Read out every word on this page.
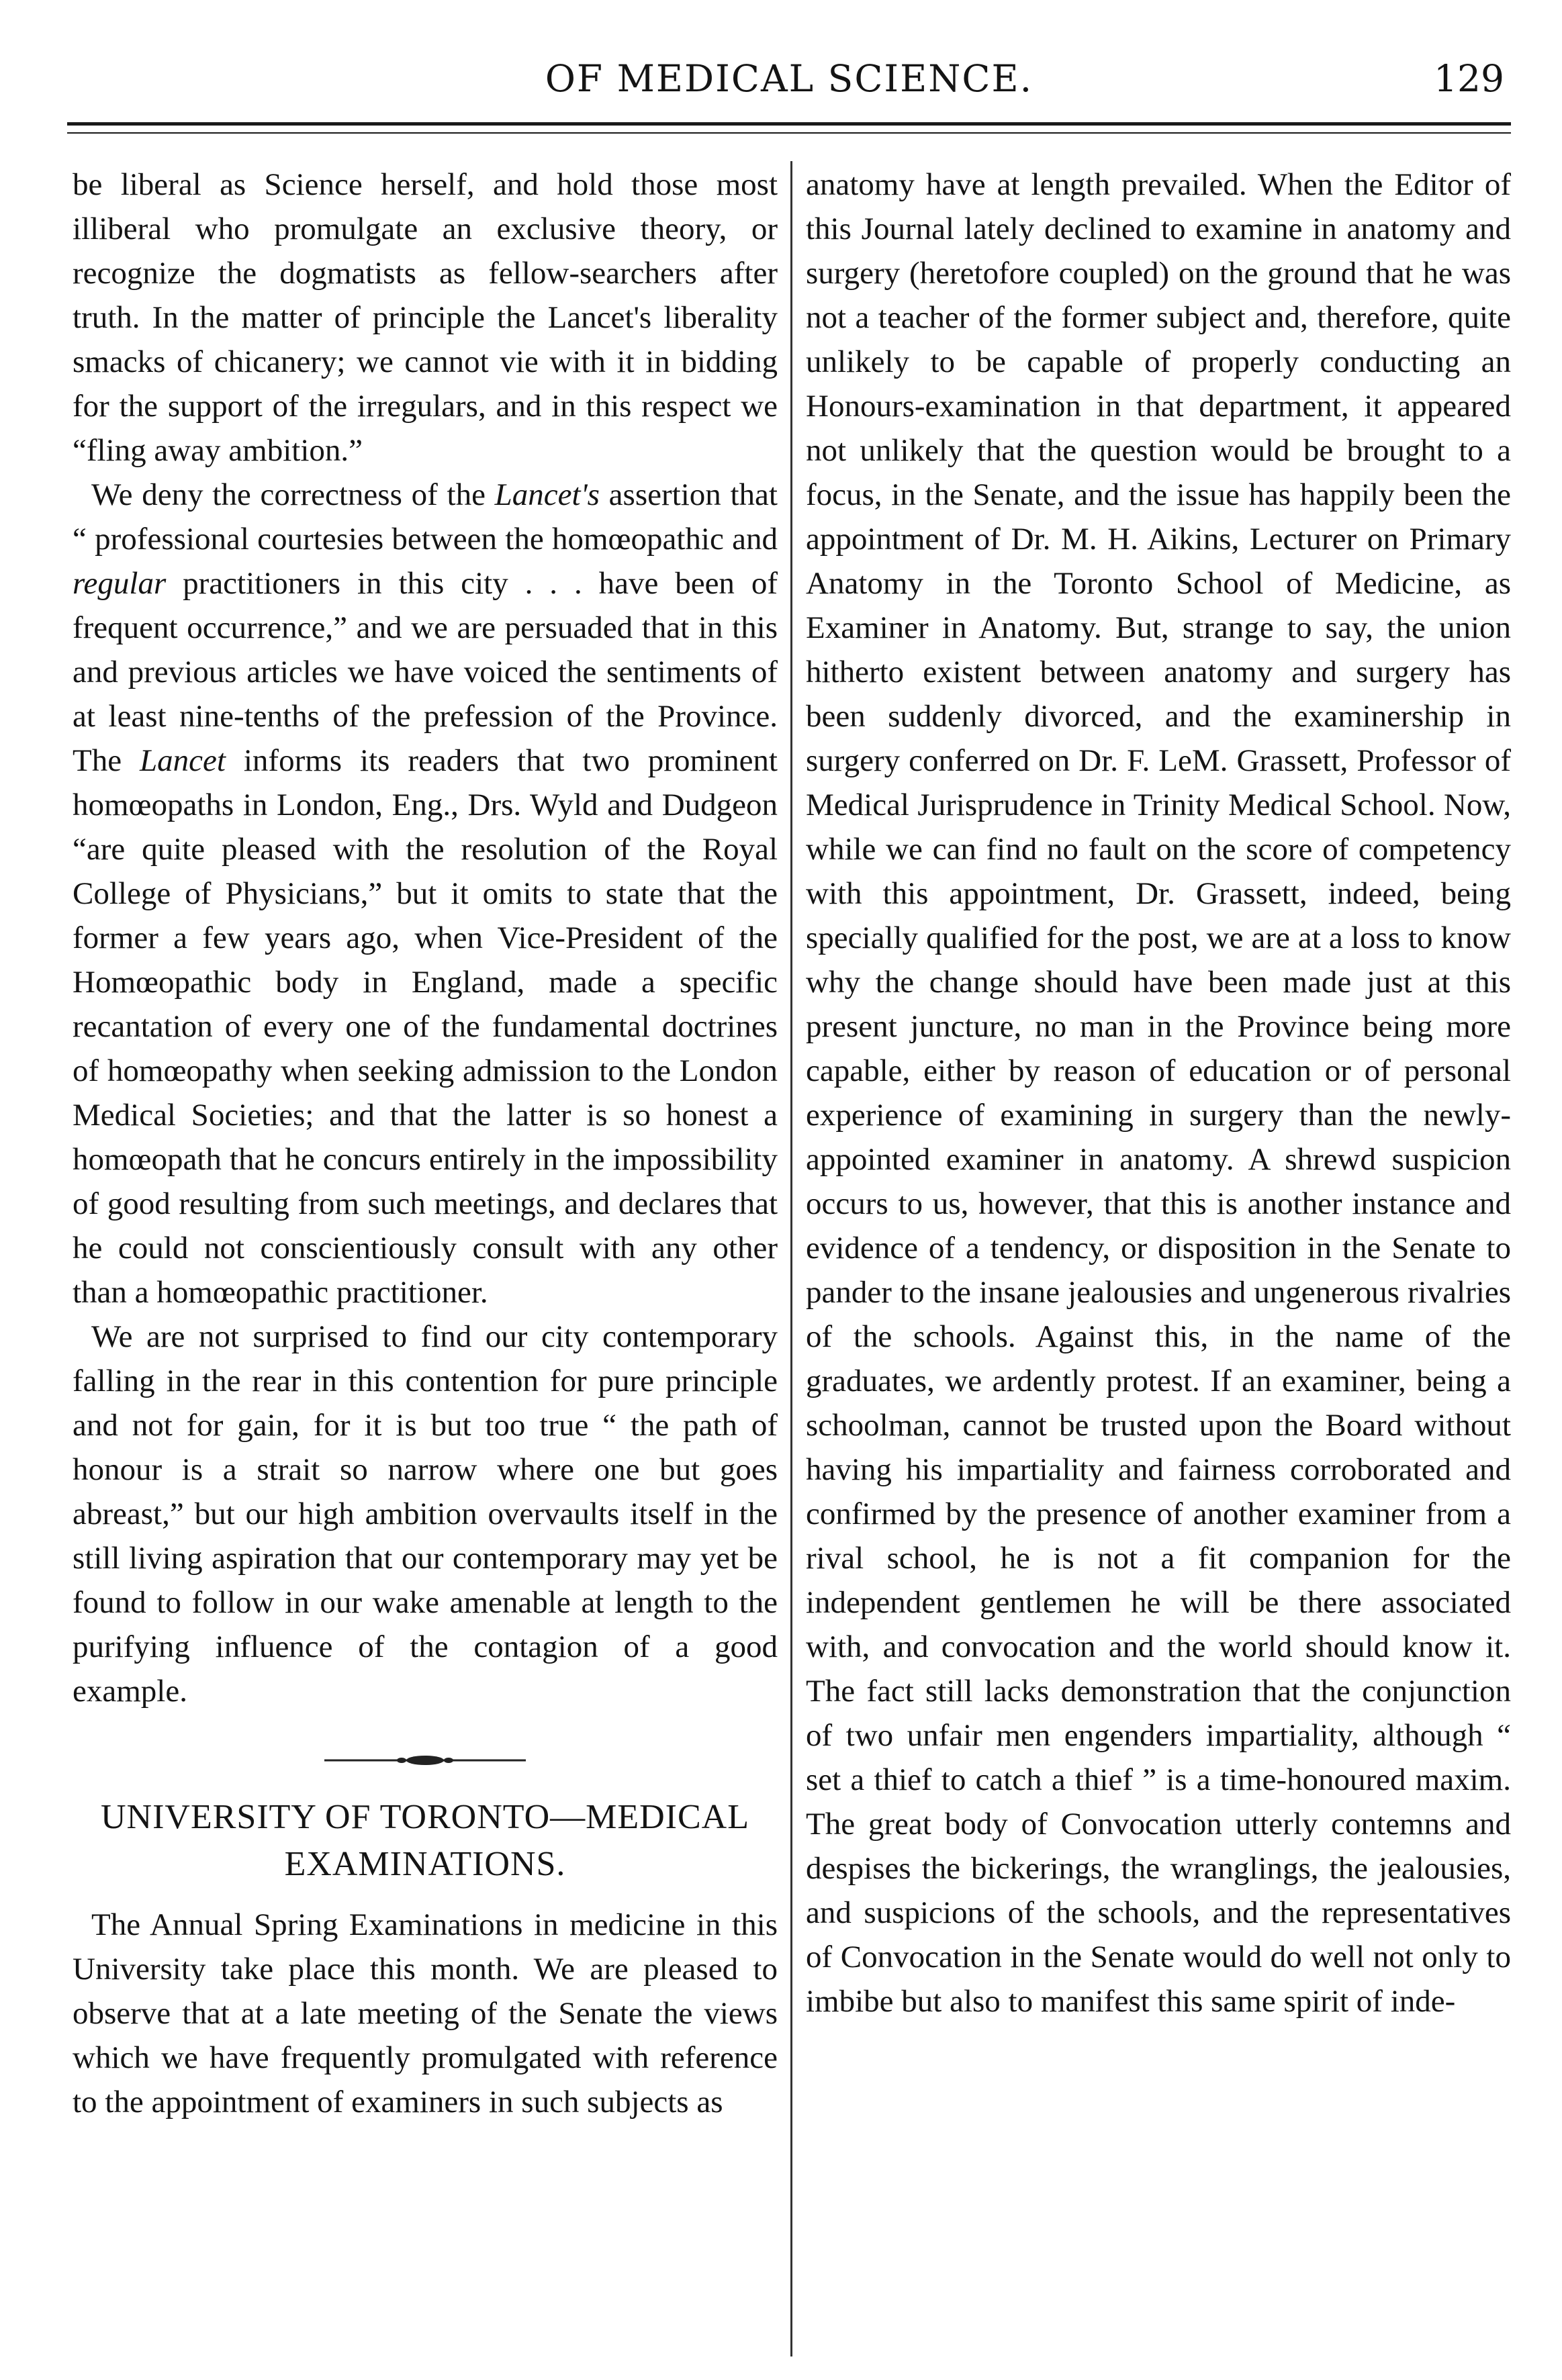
OF MEDICAL SCIENCE.	129

be liberal as Science herself, and hold those most illiberal who promulgate an exclusive theory, or recognize the dogmatists as fellow-searchers after truth. In the matter of principle the Lancet's liberality smacks of chicanery; we cannot vie with it in bidding for the support of the irregulars, and in this respect we “fling away ambition.”

We deny the correctness of the Lancet's assertion that “ professional courtesies between the homœopathic and regular practitioners in this city . . . have been of frequent occurrence,” and we are persuaded that in this and previous articles we have voiced the sentiments of at least nine-tenths of the prefession of the Province. The Lancet informs its readers that two prominent homœopaths in London, Eng., Drs. Wyld and Dudgeon “are quite pleased with the resolution of the Royal College of Physicians,” but it omits to state that the former a few years ago, when Vice-President of the Homœopathic body in England, made a specific recantation of every one of the fundamental doctrines of homœopathy when seeking admission to the London Medical Societies; and that the latter is so honest a homœopath that he concurs entirely in the impossibility of good resulting from such meetings, and declares that he could not conscientiously consult with any other than a homœopathic practitioner.

We are not surprised to find our city contemporary falling in the rear in this contention for pure principle and not for gain, for it is but too true “ the path of honour is a strait so narrow where one but goes abreast,” but our high ambition overvaults itself in the still living aspiration that our contemporary may yet be found to follow in our wake amenable at length to the purifying influence of the contagion of a good example.

UNIVERSITY OF TORONTO—MEDICAL
EXAMINATIONS.

The Annual Spring Examinations in medicine in this University take place this month. We are pleased to observe that at a late meeting of the Senate the views which we have frequently promulgated with reference to the appointment of examiners in such subjects as

anatomy have at length prevailed. When the Editor of this Journal lately declined to examine in anatomy and surgery (heretofore coupled) on the ground that he was not a teacher of the former subject and, therefore, quite unlikely to be capable of properly conducting an Honours-examination in that department, it appeared not unlikely that the question would be brought to a focus, in the Senate, and the issue has happily been the appointment of Dr. M. H. Aikins, Lecturer on Primary Anatomy in the Toronto School of Medicine, as Examiner in Anatomy. But, strange to say, the union hitherto existent between anatomy and surgery has been suddenly divorced, and the examinership in surgery conferred on Dr. F. LeM. Grassett, Professor of Medical Jurisprudence in Trinity Medical School. Now, while we can find no fault on the score of competency with this appointment, Dr. Grassett, indeed, being specially qualified for the post, we are at a loss to know why the change should have been made just at this present juncture, no man in the Province being more capable, either by reason of education or of personal experience of examining in surgery than the newly-appointed examiner in anatomy. A shrewd suspicion occurs to us, however, that this is another instance and evidence of a tendency, or disposition in the Senate to pander to the insane jealousies and ungenerous rivalries of the schools. Against this, in the name of the graduates, we ardently protest. If an examiner, being a schoolman, cannot be trusted upon the Board without having his impartiality and fairness corroborated and confirmed by the presence of another examiner from a rival school, he is not a fit companion for the independent gentlemen he will be there associated with, and convocation and the world should know it. The fact still lacks demonstration that the conjunction of two unfair men engenders impartiality, although “ set a thief to catch a thief ” is a time-honoured maxim. The great body of Convocation utterly contemns and despises the bickerings, the wranglings, the jealousies, and suspicions of the schools, and the representatives of Convocation in the Senate would do well not only to imbibe but also to manifest this same spirit of inde-
